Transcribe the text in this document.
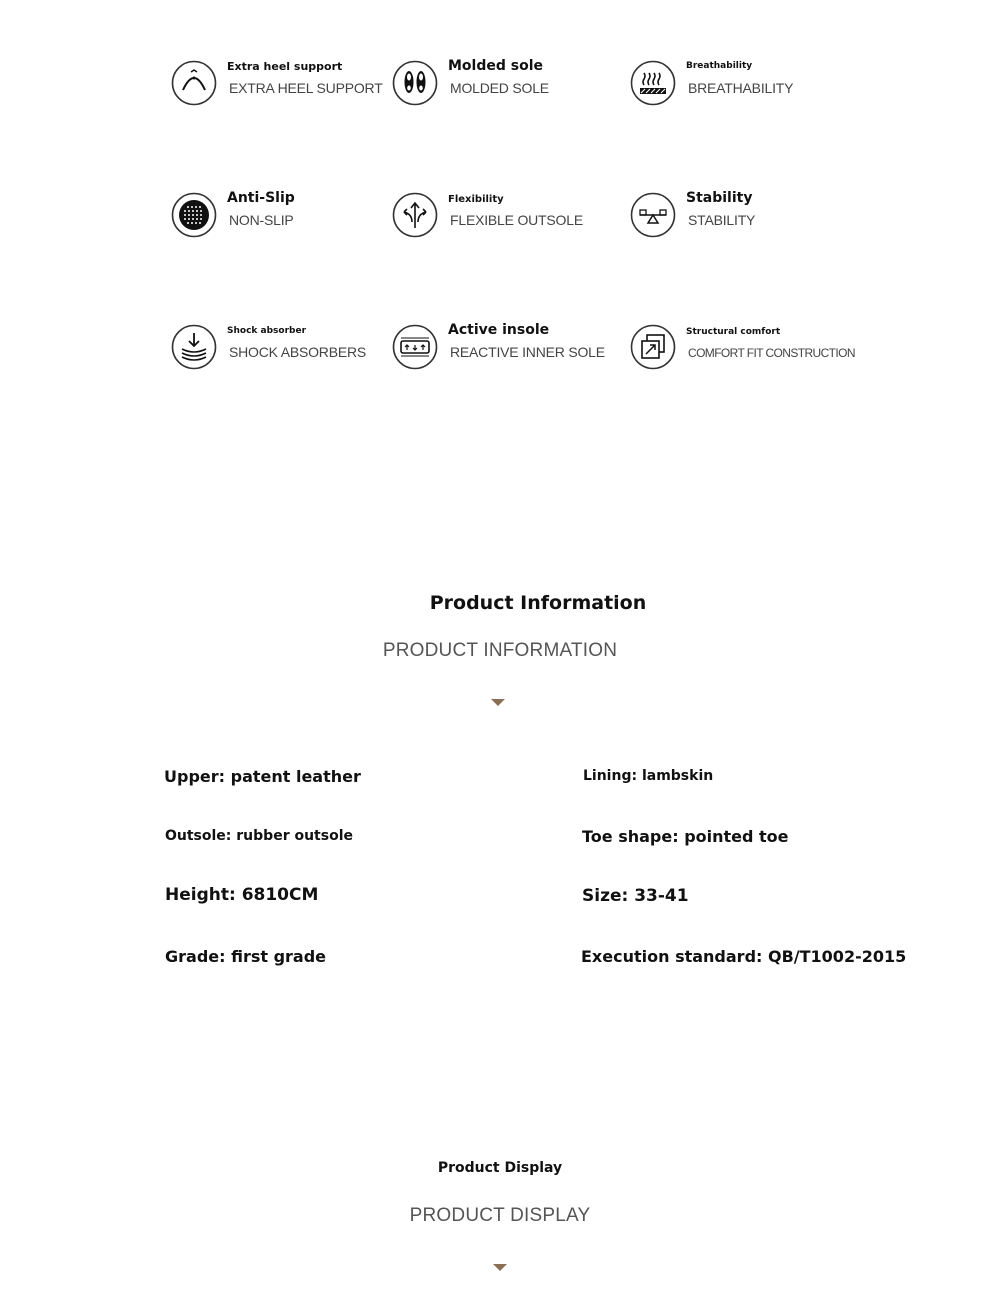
Extra heel support
EXTRA HEEL SUPPORT
Molded sole
MOLDED SOLE
Breathability
BREATHABILITY
Anti-Slip
NON-SLIP
Flexibility
FLEXIBLE OUTSOLE
Stability
STABILITY
Shock absorber
SHOCK ABSORBERS
Active insole
REACTIVE INNER SOLE
Structural comfort
COMFORT FIT CONSTRUCTION
Product Information
PRODUCT INFORMATION
Upper: patent leather	Lining: lambskin
Outsole: rubber outsole	Toe shape: pointed toe
Height: 6810CM	Size: 33-41
Grade: first grade	Execution standard: QB/T1002-2015
Product Display
PRODUCT DISPLAY
